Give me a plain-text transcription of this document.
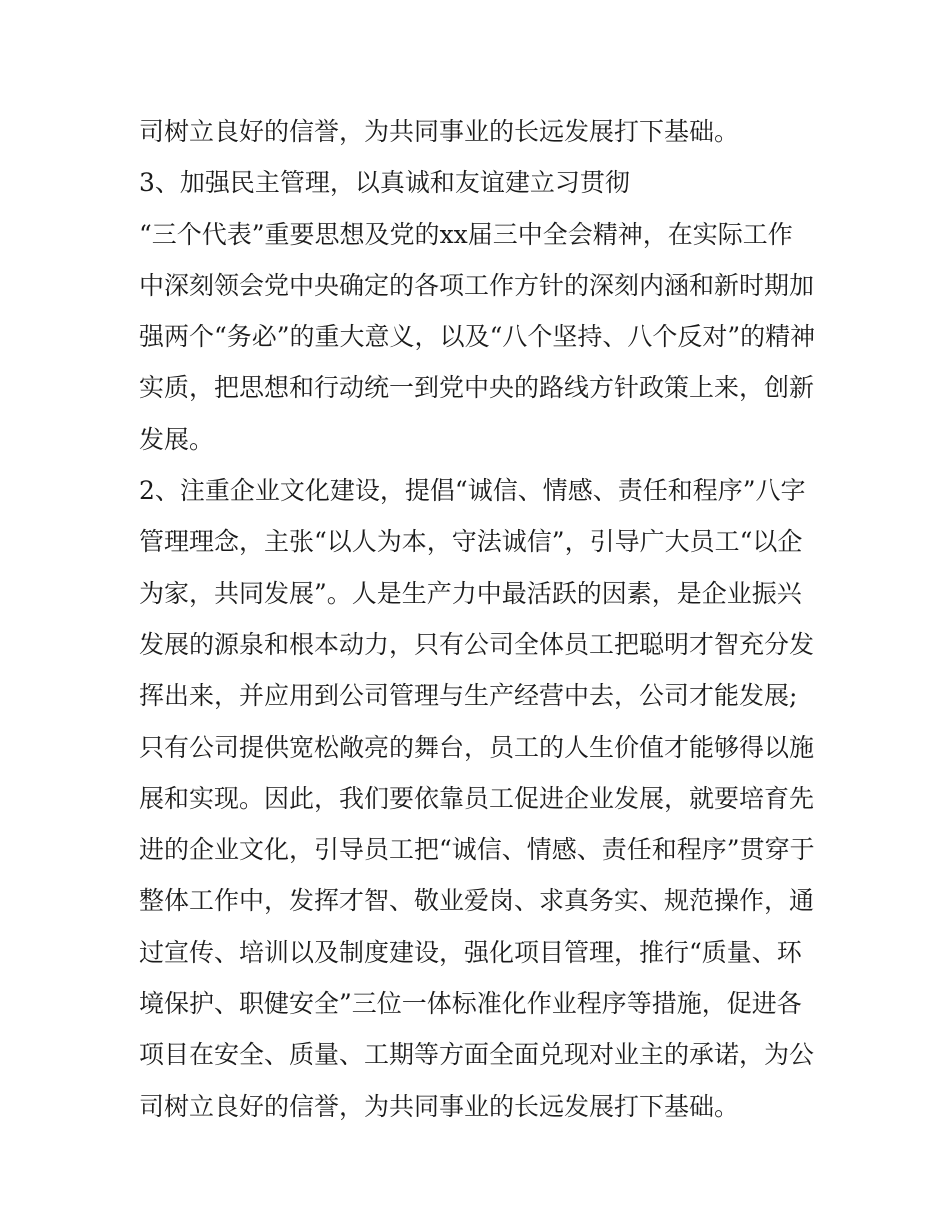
司树立良好的信誉，为共同事业的长远发展打下基础。
3、加强民主管理，以真诚和友谊建立习贯彻
“三个代表”重要思想及党的xx届三中全会精神，在实际工作
中深刻领会党中央确定的各项工作方针的深刻内涵和新时期加
强两个“务必”的重大意义，以及“八个坚持、八个反对”的精神
实质，把思想和行动统一到党中央的路线方针政策上来，创新
发展。
2、注重企业文化建设，提倡“诚信、情感、责任和程序”八字
管理理念，主张“以人为本，守法诚信”，引导广大员工“以企
为家，共同发展”。人是生产力中最活跃的因素，是企业振兴
发展的源泉和根本动力，只有公司全体员工把聪明才智充分发
挥出来，并应用到公司管理与生产经营中去，公司才能发展;
只有公司提供宽松敞亮的舞台，员工的人生价值才能够得以施
展和实现。因此，我们要依靠员工促进企业发展，就要培育先
进的企业文化，引导员工把“诚信、情感、责任和程序”贯穿于
整体工作中，发挥才智、敬业爱岗、求真务实、规范操作，通
过宣传、培训以及制度建设，强化项目管理，推行“质量、环
境保护、职健安全”三位一体标准化作业程序等措施，促进各
项目在安全、质量、工期等方面全面兑现对业主的承诺，为公
司树立良好的信誉，为共同事业的长远发展打下基础。
